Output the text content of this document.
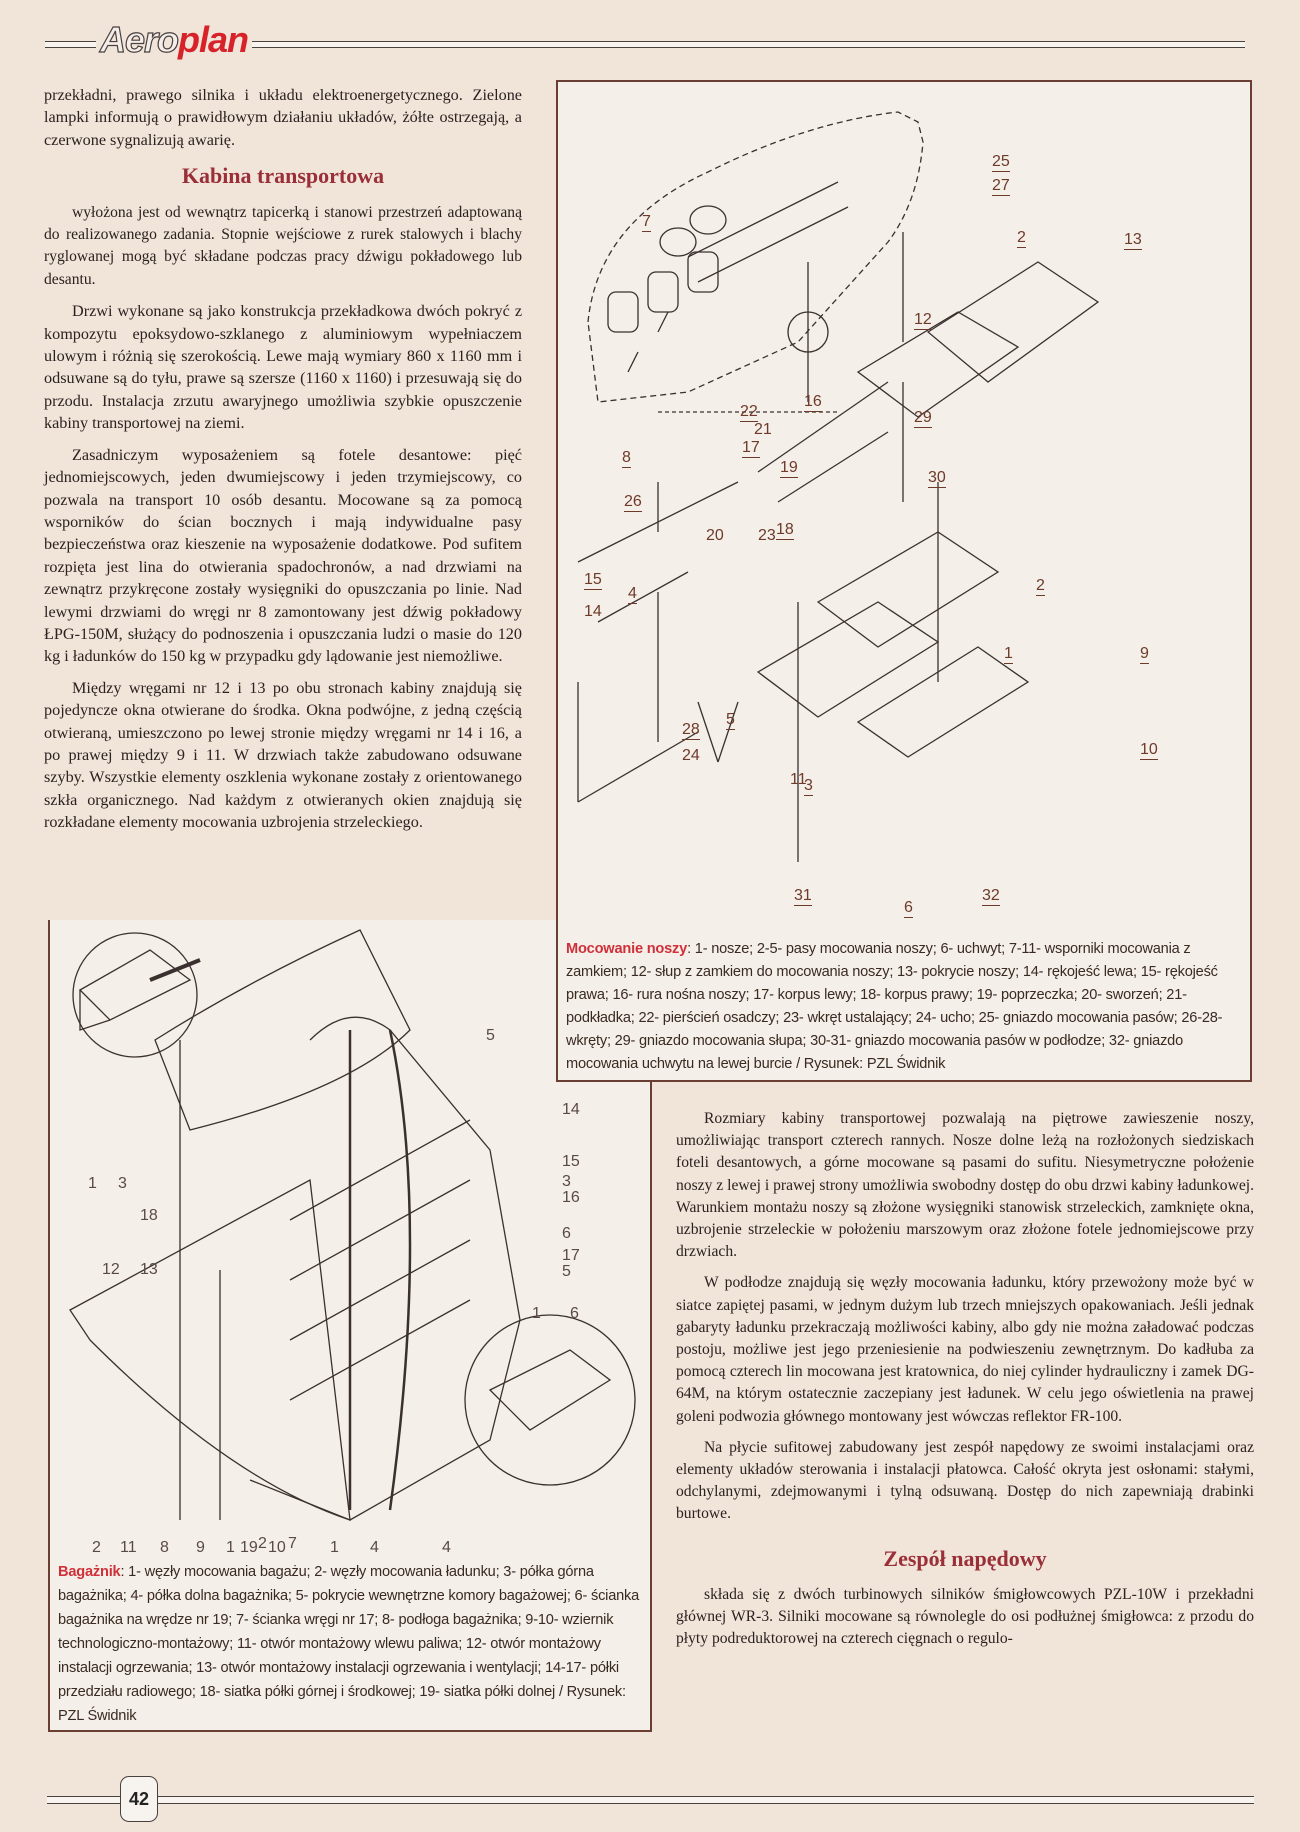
Aeroplan

przekładni, prawego silnika i układu elektroenergetycznego. Zielone lampki informują o prawidłowym działaniu układów, żółte ostrzegają, a czerwone sygnalizują awarię.

Kabina transportowa

wyłożona jest od wewnątrz tapicerką i stanowi przestrzeń adaptowaną do realizowanego zadania. Stopnie wejściowe z rurek stalowych i blachy ryglowanej mogą być składane podczas pracy dźwigu pokładowego lub desantu.

Drzwi wykonane są jako konstrukcja przekładkowa dwóch pokryć z kompozytu epoksydowo-szklanego z aluminiowym wypełniaczem ulowym i różnią się szerokością. Lewe mają wymiary 860 x 1160 mm i odsuwane są do tyłu, prawe są szersze (1160 x 1160) i przesuwają się do przodu. Instalacja zrzutu awaryjnego umożliwia szybkie opuszczenie kabiny transportowej na ziemi.

Zasadniczym wyposażeniem są fotele desantowe: pięć jednomiejscowych, jeden dwumiejscowy i jeden trzymiejscowy, co pozwala na transport 10 osób desantu. Mocowane są za pomocą wsporników do ścian bocznych i mają indywidualne pasy bezpieczeństwa oraz kieszenie na wyposażenie dodatkowe. Pod sufitem rozpięta jest lina do otwierania spadochronów, a nad drzwiami na zewnątrz przykręcone zostały wysięgniki do opuszczania po linie. Nad lewymi drzwiami do wręgi nr 8 zamontowany jest dźwig pokładowy ŁPG-150M, służący do podnoszenia i opuszczania ludzi o masie do 120 kg i ładunków do 150 kg w przypadku gdy lądowanie jest niemożliwe.

Między wręgami nr 12 i 13 po obu stronach kabiny znajdują się pojedyncze okna otwierane do środka. Okna podwójne, z jedną częścią otwieraną, umieszczono po lewej stronie między wręgami nr 14 i 16, a po prawej między 9 i 11. W drzwiach także zabudowano odsuwane szyby. Wszystkie elementy oszklenia wykonane zostały z orientowanego szkła organicznego. Nad każdym z otwieranych okien znajdują się rozkładane elementy mocowania uzbrojenia strzeleckiego.

25
27
2	13
7
12
16
22
21
17
29
8
19
30
26
18
20 23
15
4
14
2
1	9
5
28
24	10
11
3
31
6
32
Mocowanie noszy: 1- nosze; 2-5- pasy mocowania noszy; 6- uchwyt; 7-11- wsporniki mocowania z zamkiem; 12- słup z zamkiem do mocowania noszy; 13- pokrycie noszy; 14- rękojeść lewa; 15- rękojeść prawa; 16- rura nośna noszy; 17- korpus lewy; 18- korpus prawy; 19- poprzeczka; 20- sworzeń; 21- podkładka; 22- pierścień osadczy; 23- wkręt ustalający; 24- ucho; 25- gniazdo mocowania pasów; 26-28- wkręty; 29- gniazdo mocowania słupa; 30-31- gniazdo mocowania pasów w podłodze; 32- gniazdo mocowania uchwytu na lewej burcie / Rysunek: PZL Świdnik
1 3
5
18
12 13
14
15
3
16
6
17
5
1 6
2 11 8 9 1 19 2 10 7 1 4	4
Bagażnik: 1- węzły mocowania bagażu; 2- węzły mocowania ładunku; 3- półka górna bagażnika; 4- półka dolna bagażnika; 5- pokrycie wewnętrzne komory bagażowej; 6- ścianka bagażnika na wrędze nr 19; 7- ścianka wręgi nr 17; 8- podłoga bagażnika; 9-10- wziernik technologiczno-montażowy; 11- otwór montażowy wlewu paliwa; 12- otwór montażowy instalacji ogrzewania; 13- otwór montażowy instalacji ogrzewania i wentylacji; 14-17- półki przedziału radiowego; 18- siatka półki górnej i środkowej; 19- siatka półki dolnej / Rysunek: PZL Świdnik

Rozmiary kabiny transportowej pozwalają na piętrowe zawieszenie noszy, umożliwiając transport czterech rannych. Nosze dolne leżą na rozłożonych siedziskach foteli desantowych, a górne mocowane są pasami do sufitu. Niesymetryczne położenie noszy z lewej i prawej strony umożliwia swobodny dostęp do obu drzwi kabiny ładunkowej. Warunkiem montażu noszy są złożone wysięgniki stanowisk strzeleckich, zamknięte okna, uzbrojenie strzeleckie w położeniu marszowym oraz złożone fotele jednomiejscowe przy drzwiach.

W podłodze znajdują się węzły mocowania ładunku, który przewożony może być w siatce zapiętej pasami, w jednym dużym lub trzech mniejszych opakowaniach. Jeśli jednak gabaryty ładunku przekraczają możliwości kabiny, albo gdy nie można załadować podczas postoju, możliwe jest jego przeniesienie na podwieszeniu zewnętrznym. Do kadłuba za pomocą czterech lin mocowana jest kratownica, do niej cylinder hydrauliczny i zamek DG-64M, na którym ostatecznie zaczepiany jest ładunek. W celu jego oświetlenia na prawej goleni podwozia głównego montowany jest wówczas reflektor FR-100.

Na płycie sufitowej zabudowany jest zespół napędowy ze swoimi instalacjami oraz elementy układów sterowania i instalacji płatowca. Całość okryta jest osłonami: stałymi, odchylanymi, zdejmowanymi i tylną odsuwaną. Dostęp do nich zapewniają drabinki burtowe.

Zespół napędowy

składa się z dwóch turbinowych silników śmigłowcowych PZL-10W i przekładni głównej WR-3. Silniki mocowane są równolegle do osi podłużnej śmigłowca: z przodu do płyty podreduktorowej na czterech cięgnach o regulo-

42
